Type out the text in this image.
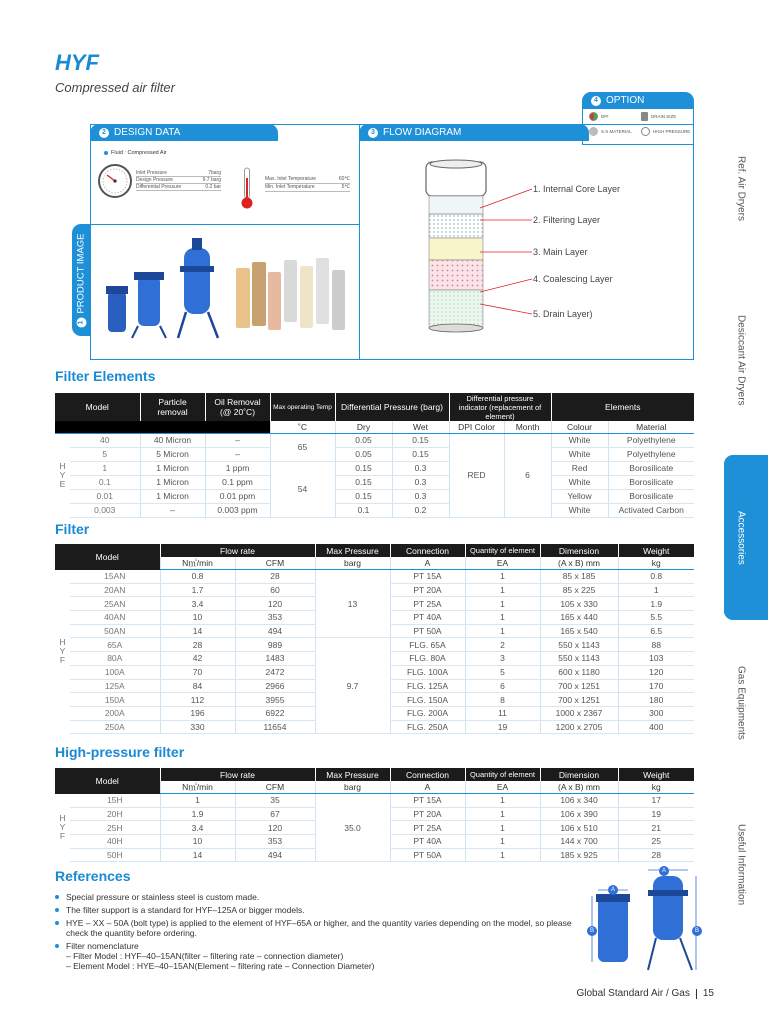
HYF
Compressed air filter
4 OPTION
DPI	DRAIN SIZE
S.S MATERIAL	HIGH PRESSURE
2 DESIGN DATA
Fluid : Compressed Air
Inlet Pressure	7barg
Design Pressure	9.7 barg
Differential Pressure	0.2 bar
Max. Inlet Temperature	60℃
Min. Inlet Temperature	5℃
3 FLOW DIAGRAM
1. Internal Core Layer
2. Filtering Layer
3. Main Layer
4. Coalescing Layer
5. Drain Layer)
1
PRODUCT IMAGE
Filter Elements
Model		Particle removal	Oil Removal (@ 20˚C)	Max operating Temp	Differential Pressure (barg)		Differential pressure indicator (replacement of element)		Elements	
				˚C	Dry	Wet	DPI Color	Month	Colour	Material

H
Y
E	40	40 Micron	–	65	0.05	0.15	RED	6	White	Polyethylene
	5	5 Micron	–		0.05	0.15			White	Polyethylene
	1	1 Micron	1 ppm	54	0.15	0.3			Red	Borosilicate
	0.1	1 Micron	0.1 ppm		0.15	0.3			White	Borosilicate
	0.01	1 Micron	0.01 ppm		0.15	0.3			Yellow	Borosilicate
	0.003	–	0.003 ppm		0.1	0.2			White	Activated Carbon
Filter
Model		Flow rate		Max Pressure	Connection	Quantity of element	Dimension	Weight
		N㎥/min	CFM	barg	A	EA	(A x B) mm	kg

H
Y
F	15AN	0.8	28	13	PT 15A	1	85 x 185	0.8
	20AN	1.7	60		PT 20A	1	85 x 225	1
	25AN	3.4	120		PT 25A	1	105 x 330	1.9
	40AN	10	353		PT 40A	1	165 x 440	5.5
	50AN	14	494		PT 50A	1	165 x 540	6.5
	65A	28	989	9.7	FLG. 65A	2	550 x 1143	88
	80A	42	1483		FLG. 80A	3	550 x 1143	103
	100A	70	2472		FLG. 100A	5	600 x 1180	120
	125A	84	2966		FLG. 125A	6	700 x 1251	170
	150A	112	3955		FLG. 150A	8	700 x 1251	180
	200A	196	6922		FLG. 200A	11	1000 x 2367	300
	250A	330	11654		FLG. 250A	19	1200 x 2705	400
High-pressure filter
Model		Flow rate		Max Pressure	Connection	Quantity of element	Dimension	Weight
		N㎥/min	CFM	barg	A	EA	(A x B) mm	kg

H
Y
F	15H	1	35	35.0	PT 15A	1	106 x 340	17
	20H	1.9	67		PT 20A	1	106 x 390	19
	25H	3.4	120		PT 25A	1	106 x 510	21
	40H	10	353		PT 40A	1	144 x 700	25
	50H	14	494		PT 50A	1	185 x 925	28
References
Special pressure or stainless steel is custom made.
The filter support is a standard for HYF–125A or bigger models.
HYE – XX – 50A (bolt type) is applied to the element of HYF–65A or higher, and the quantity varies depending on the model, so please check the quantity before ordering.
Filter nomenclature
– Filter Model : HYF–40–15AN(filter – filtering rate – connection diameter)
– Element Model : HYE–40–15AN(Element – filtering rate – Connection Diameter)
A
B
A
B
Ref. Air Dryers
Desiccant Air Dryers
Accessories
Gas Equipments
Useful Information
Global Standard Air / Gas 15
